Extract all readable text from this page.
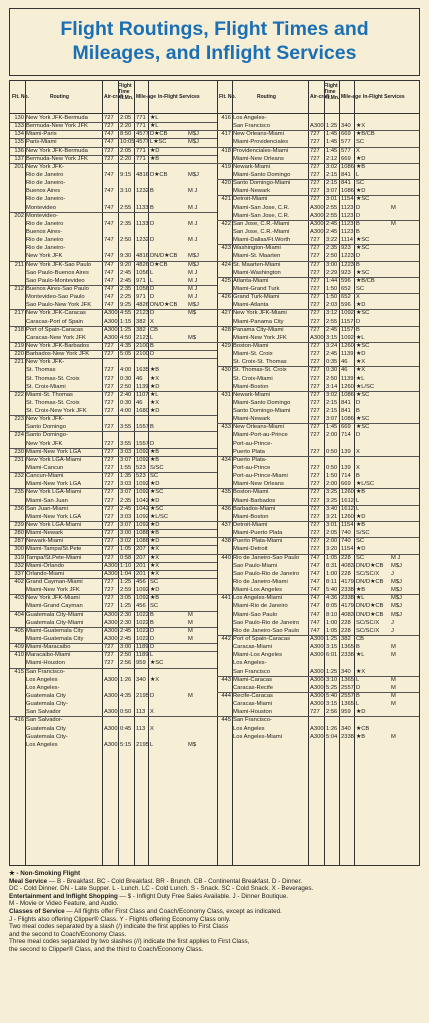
Flight Routings, Flight Times and
Mileages, and Inflight Services
Flt. No.	Routing	Air-craft
Flight Time Hr.Mn. Mile-age In-Flight Services
130 New York JFK-Bermuda	727 2:05 771 ★L
133 Bermuda-New York JFK	727 2:20 771 ★L
134 Miami-Paris	747 8:50 4577 D★CB	M$J
135 Paris-Miami	747 10:05 4577 L★SC	M$J
136 New York JFK-Bermuda	727 2:05 771 ★D
137 Bermuda-New York JFK	727 2:20 771 ★B
201 New York JFK-
Rio de Janeiro	747 9:15 4816 D★CB	M$J
Rio de Janeiro-
Buenos Aires	747 3:10 1232 B	M J
Rio de Janeiro-
Montevideo	747 2:55 1133 B	M J
202 Montevideo-
Rio de Janeiro	747 2:35 1133 D	M J
Buenos Aires-
Rio de Janeiro	747 2:50 1232 D	M J
Rio de Janeiro-
New York JFK	747 9:30 4816 DN/D★CB M$J
211 New York JFK-Sao Paulo 747 9:20 4826 D★CB	M$J
Sao Paulo-Buenos Aires	747 2:45 1056 L	M J
Sao Paulo-Montevideo	747 2:45 971 L	M J
212 Buenos Aires-Sao Paulo	747 2:35 1056 D	M J
Montevideo-Sao Paulo	747 2:25 971 D	M J
Sao Paulo-New York JFK 747 9:25 4826 DN/D★CB M$J
217 New York JFK-Caracas	A300 4:55 2123 D	M$
Caracas-Port of Spain	A300 1:15 382 X
218 Port of Spain-Caracas	A300 1:25 382 CB
Caracas-New York JFK	A300 4:50 2123 L	M$
219 New York JFK-Barbados	727 4:35 2100 B
220 Barbados-New York JFK	727 5:05 2100 D
221 New York JFK-
St. Thomas	727 4:00 1635 ★B
St. Thomas-St. Croix	727 0:30 46 ★X
St. Croix-Miami	727 2:50 1139 ★D
222 Miami-St. Thomas	727 2:40 1107 ★L
St. Thomas-St. Croix	727 0:30 46 ★X
St. Croix-New York JFK	727 4:00 1680 ★D
223 New York JFK-
Santo Domingo	727 3:55 1557 B
224 Santo Domingo-
New York JFK	727 3:55 1557 D
230 Miami-New York LGA	727 3:03 1092 ★B
231 New York LGA-Miami	727 3:07 1092 ★B
Miami-Cancun	727 1:55 523 S/SC
232 Cancun-Miami	727 1:35 523 SC
Miami-New York LGA	727 3:03 1092 ★D
235 New York LGA-Miami	727 3:07 1092 ★SC
Miami-San Juan	727 2:35 1042 ★D
236 San Juan-Miami	727 2:45 1042 ★SC
Miami-New York LGA	727 3:03 1092 ★L/SC
239 New York LGA-Miami	727 3:07 1092 ★D
280 Miami-Newark	727 3:00 1086 ★B
287 Newark-Miami	727 3:02 1086 ★D
300 Miami-Tampa/St.Pete	727 1:05 207 ★X
319 Tampa/St.Pete-Miami	727 0:58 207 ★X
332 Miami-Orlando	A300 1:10 201 ★X
337 Orlando-Miami	A300 1:04 201 ★X
402 Grand Cayman-Miami	727 1:25 456 SC
Miami-New York JFK	727 2:59 1092 ★D
403 New York JFK-Miami	727 3:05 1092 ★B
Miami-Grand Cayman	727 1:25 456 SC
404 Guatemala City-Miami	A300 2:30 1022 B	M
Guatemala City-Miami	A300 2:30 1022 B	M
405 Miami-Guatemala City	A300 2:45 1022 D	M
Miami-Guatemala City	A300 2:45 1022 D	M
409 Miami-Maracaibo	727 3:00 1189 D
410 Maracaibo-Miami	727 2:50 1189 L
Miami-Houston	727 2:56 959 ★SC
415 San Francisco-
Los Angeles	A300 1:26 340 ★X
Los Angeles-
Guatemala City	A300 4:35 2195 D	M
Guatemala City-
San Salvador	A300 0:50 113 X
416 San Salvador-
Guatemala City	A300 0:45 113 X
Guatemala City-
Los Angeles	A300 5:15 2195 L	M$
Flt. No.	Routing	Air-craft
Flight Time Hr.Mn. Mile-age In-Flight Services
416 Los Angeles-
San Francisco	A300 1:25 340 ★X
417 New Orleans-Miami	727 1:45 669 ★B/CB
Miami-Providenciales	727 1:45 577 SC
418 Providenciales-Miami	727 1:45 577 X
Miami-New Orleans	727 2:12 669 ★D
419 Newark-Miami	727 3:02 1086 ★B
Miami-Santo Domingo	727 2:15 841 L
420 Santo Domingo-Miami	727 2:15 841 SC
Miami-Newark	727 3:07 1086 ★D
421 Detroit-Miami	727 3:01 1154 ★SC
Miami-San Jose, C.R.	A300 2:55 1123 D	M
Miami-San Jose, C.R.	A300 2:55 1123 D
422 San Jose, C.R.-Miami	A300 2:45 1123 B	M
San Jose, C.R.-Miami	A300 2:45 1123 B
Miami-Dallas/Ft.Worth	727 3:22 1114 ★SC
423 Washington-Miami	727 2:35 923 ★SC
Miami-St. Maarten	727 2:50 1223 D
424 St. Maarten-Miami	727 3:00 1223 B
Miami-Washington	727 2:29 923 ★SC
425 Atlanta-Miami	727 1:44 596 ★B/CB
Miami-Grand Turk	727 1:50 652 SC
426 Grand Turk-Miami	727 1:50 652 X
Miami-Atlanta	727 2:03 596 ★D
427 New York JFK-Miami	727 3:12 1092 ★SC
Miami-Panama City	727 2:55 1157 D
428 Panama City-Miami	727 2:45 1157 B
Miami-New York JFK	A300 3:15 1092 ★L
429 Boston-Miami	727 3:24 1260 ★SC
Miami-St. Croix	727 2:45 1139 ★D
St. Croix-St. Thomas	727 0:35 46 ★X
430 St. Thomas-St. Croix	727 0:30 46 ★X
St. Croix-Miami	727 2:50 1139 ★L
Miami-Boston	727 3:14 1260 ★L/SC
431 Newark-Miami	727 3:02 1086 ★SC
Miami-Santo Domingo	727 2:15 841 D
Santo Domingo-Miami	727 2:15 841 B
Miami-Newark	727 3:07 1086 ★SC
433 New Orleans-Miami	727 1:45 669 ★SC
Miami-Port-au-Prince	727 2:00 714 D
Port-au-Prince-
Puerto Plata	727 0:50 139 X
434 Puerto Plata-
Port-au-Prince	727 0:50 139 X
Port-au-Prince-Miami	727 1:50 714 B
Miami-New Orleans	727 2:00 669 ★L/SC
435 Boston-Miami	727 3:25 1260 ★B
Miami-Barbados	727 3:25 1612 L
436 Barbados-Miami	727 3:40 1612 L
Miami-Boston	727 3:21 1260 ★D
437 Detroit-Miami	727 3:01 1154 ★B
Miami-Puerto Plata	727 2:05 740 S/SC
438 Puerto Plata-Miami	727 2:00 740 SC
Miami-Detroit	727 3:20 1154 ★D
440 Rio de Janeiro-Sao Paulo 747 1:05 228 SC	M J
Sao Paulo-Miami	747 8:31 4083 DN/D★CB M$J
Sao Paulo-Rio de Janeiro 747 1:00 228 SC/SC/X J
Rio de Janeiro-Miami	747 8:11 4179 DN/D★CB M$J
Miami-Los Angeles	747 5:40 2338 ★B	M$J
441 Los Angeles-Miami	747 4:36 2338 ★L	M$J
Miami-Rio de Janeiro	747 8:05 4179 DN/D★CB M$J
Miami-Sao Paulo	747 8:10 4083 DN/D★CB M$J
Sao Paulo-Rio de Janeiro 747 1:00 228 SC/SC/X J
Rio de Janeiro-Sao Paulo 747 1:05 228 SC/SC/X J
442 Port of Spain-Caracas	A300 1:25 382 CB
Caracas-Miami	A300 3:15 1365 B	M
Miami-Los Angeles	A300 6:01 2338 ★L	M
Los Angeles-
San Francisco	A300 1:25 340 ★X
443 Miami-Caracas	A300 3:10 1365 L	M
Caracas-Recife	A300 5:25 2557 D	M
444 Recife-Caracas	A300 5:40 2557 B	M
Caracas-Miami	A300 3:15 1365 L	M
Miami-Houston	727 2:56 959 ★D
445 San Francisco-
Los Angeles	A300 1:26 340 ★CB
Los Angeles-Miami	A300 5:04 2338 ★B	M
★ - Non-Smoking Flight
Meal Service — B - Breakfast. BC - Cold Breakfast. BR - Brunch. CB - Continental Breakfast. D - Dinner.
DC - Cold Dinner. DN - Late Supper. L - Lunch. LC - Cold Lunch. S - Snack. SC - Cold Snack. X - Beverages.
Entertainment and Inflight Shopping — $ - Inflight Duty Free Sales Available. J - Dinner Boutique.
M - Movie or Video Feature, and Audio.
Classes of Service — All flights offer First Class and Coach/Economy Class, except as indicated.
J - Flights also offering Clipper® Class. Y - Flights offering Economy Class only.
Two meal codes separated by a slash (/) indicate the first applies to First Class
and the second to Coach/Economy Class.
Three meal codes separated by two slashes (//) indicate the first applies to First Class,
the second to Clipper® Class, and the third to Coach/Economy Class.
